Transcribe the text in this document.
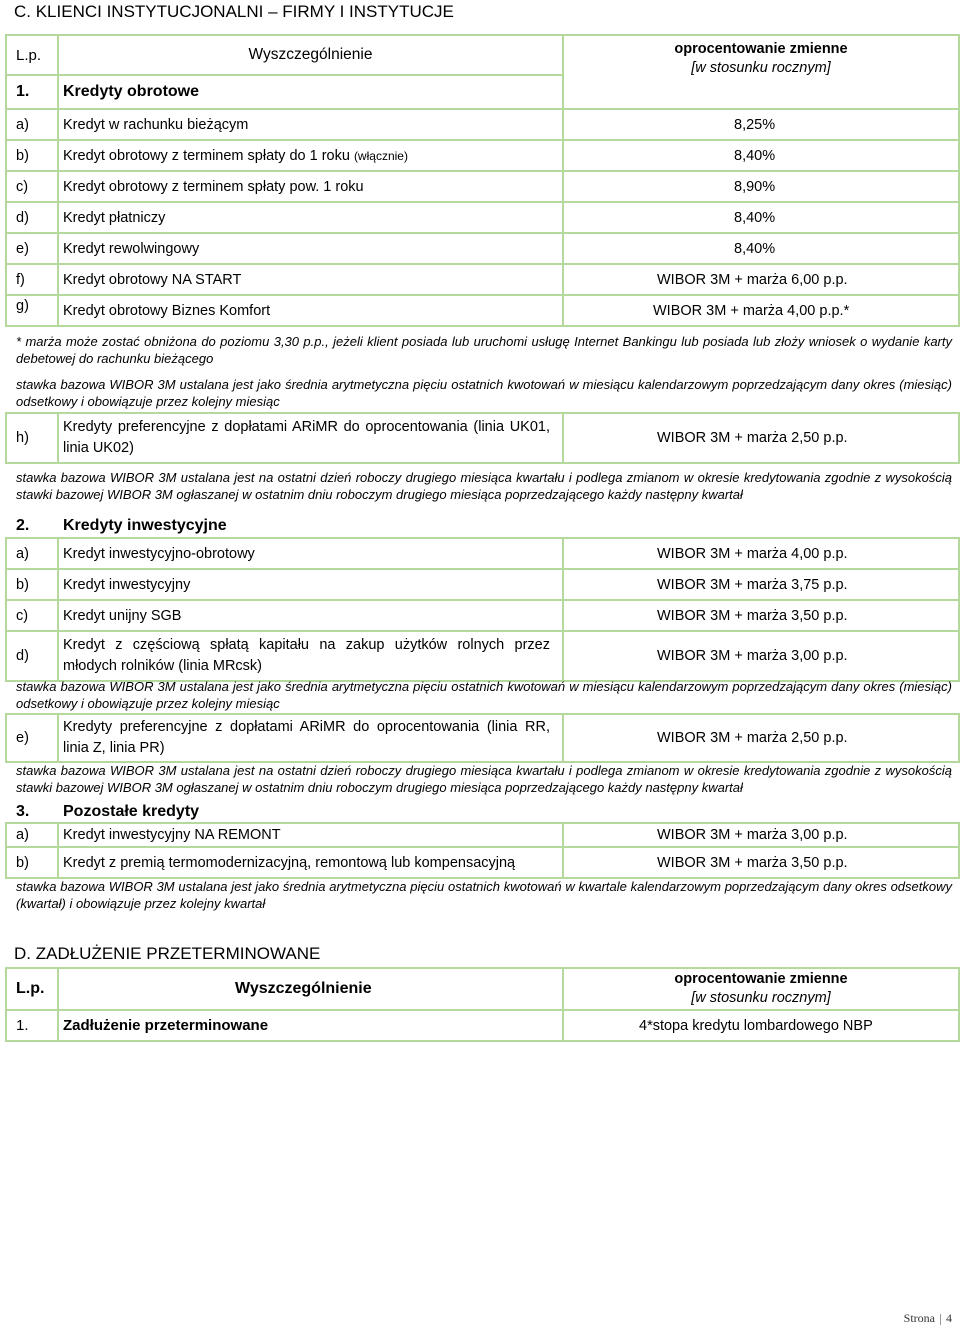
C. KLIENCI INSTYTUCJONALNI – FIRMY I INSTYTUCJE
L.p.	Wyszczególnienie	oprocentowanie zmienne
[w stosunku rocznym]

1.	Kredyty obrotowe	
a)	Kredyt w rachunku bieżącym	8,25%
b)	Kredyt obrotowy z terminem spłaty do 1 roku (włącznie)	8,40%
c)	Kredyt obrotowy z terminem spłaty pow. 1 roku	8,90%
d)	Kredyt płatniczy	8,40%
e)	Kredyt rewolwingowy	8,40%
f)	Kredyt obrotowy NA START	WIBOR 3M + marża 6,00 p.p.
g)	Kredyt obrotowy Biznes Komfort	WIBOR 3M + marża 4,00 p.p.*
* marża może zostać obniżona do poziomu 3,30 p.p., jeżeli klient posiada lub uruchomi usługę Internet Bankingu lub posiada lub złoży wniosek o wydanie karty debetowej do rachunku bieżącego
stawka bazowa WIBOR 3M ustalana jest jako średnia arytmetyczna pięciu ostatnich kwotowań w miesiącu kalendarzowym poprzedzającym dany okres (miesiąc) odsetkowy i obowiązuje przez kolejny miesiąc
h)	Kredyty preferencyjne z dopłatami ARiMR do oprocentowania (linia UK01, linia UK02)	WIBOR 3M + marża 2,50 p.p.
stawka bazowa WIBOR 3M ustalana jest na ostatni dzień roboczy drugiego miesiąca kwartału i podlega zmianom w okresie kredytowania zgodnie z wysokością stawki bazowej WIBOR 3M ogłaszanej w ostatnim dniu roboczym drugiego miesiąca poprzedzającego każdy następny kwartał
2.	Kredyty inwestycyjne	
a)	Kredyt inwestycyjno-obrotowy	WIBOR 3M + marża 4,00 p.p.
b)	Kredyt inwestycyjny	WIBOR 3M + marża 3,75 p.p.
c)	Kredyt unijny SGB	WIBOR 3M + marża 3,50 p.p.
d)	Kredyt z częściową spłatą kapitału na zakup użytków rolnych przez młodych rolników (linia MRcsk)	WIBOR 3M + marża 3,00 p.p.
stawka bazowa WIBOR 3M ustalana jest jako średnia arytmetyczna pięciu ostatnich kwotowań w miesiącu kalendarzowym poprzedzającym dany okres (miesiąc) odsetkowy i obowiązuje przez kolejny miesiąc
e)	Kredyty preferencyjne z dopłatami ARiMR do oprocentowania (linia RR, linia Z, linia PR)	WIBOR 3M + marża 2,50 p.p.
stawka bazowa WIBOR 3M ustalana jest na ostatni dzień roboczy drugiego miesiąca kwartału i podlega zmianom w okresie kredytowania zgodnie z wysokością stawki bazowej WIBOR 3M ogłaszanej w ostatnim dniu roboczym drugiego miesiąca poprzedzającego każdy następny kwartał
3.	Pozostałe kredyty	
a)	Kredyt inwestycyjny NA REMONT	WIBOR 3M + marża 3,00 p.p.
b)	Kredyt z premią termomodernizacyjną, remontową lub kompensacyjną	WIBOR 3M + marża 3,50 p.p.
stawka bazowa WIBOR 3M ustalana jest jako średnia arytmetyczna pięciu ostatnich kwotowań w kwartale kalendarzowym poprzedzającym dany okres odsetkowy (kwartał) i obowiązuje przez kolejny kwartał
D. ZADŁUŻENIE PRZETERMINOWANE
L.p.	Wyszczególnienie	oprocentowanie zmienne
[w stosunku rocznym]

1.	Zadłużenie przeterminowane	4*stopa kredytu lombardowego NBP
Strona 4
